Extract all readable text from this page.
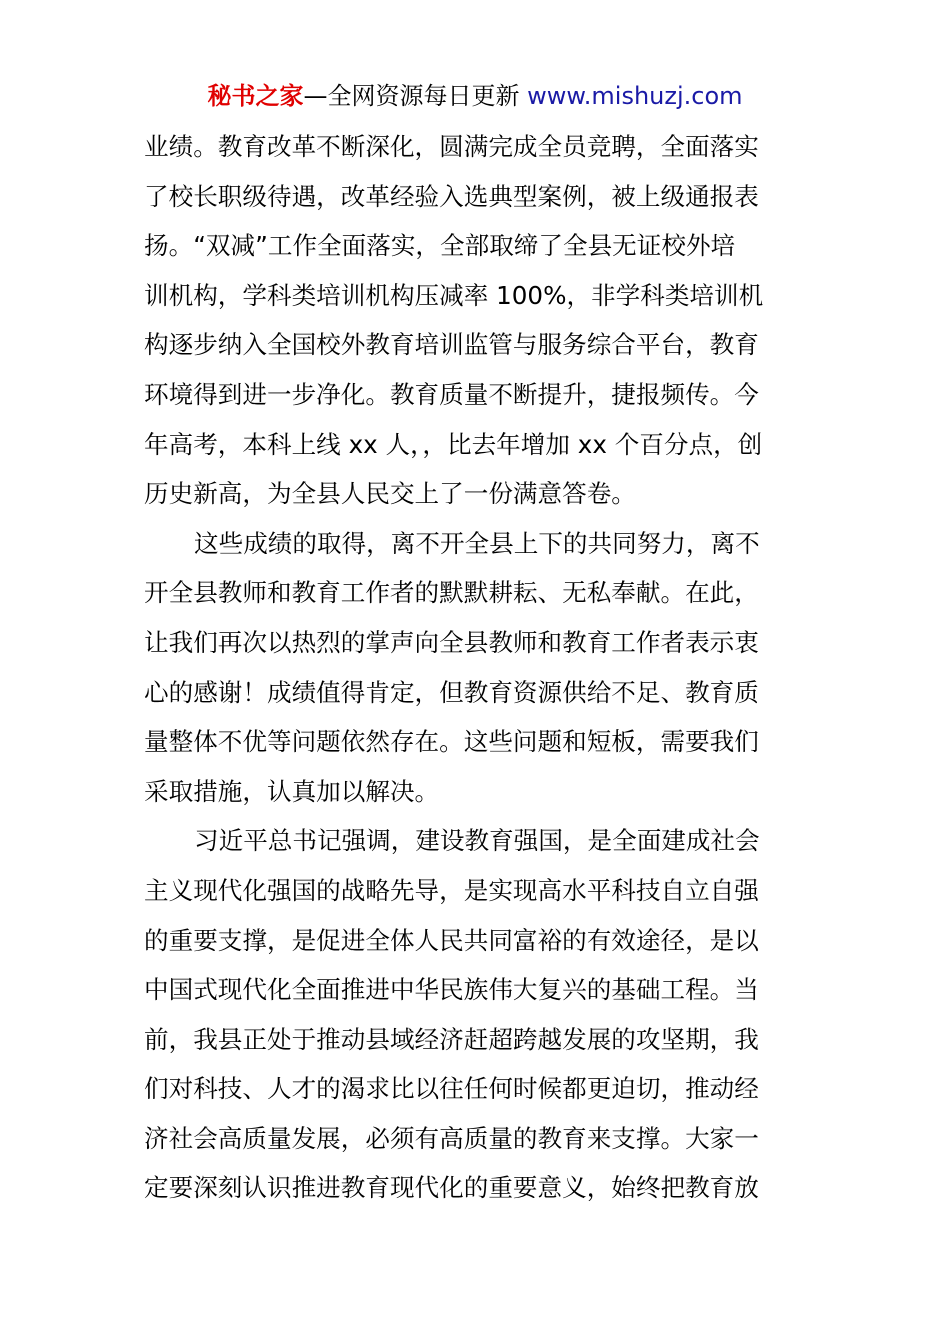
秘书之家—全网资源每日更新 www.mishuzj.com
业绩。教育改革不断深化，圆满完成全员竞聘，全面落实
了校长职级待遇，改革经验入选典型案例，被上级通报表
扬。“双减”工作全面落实，全部取缔了全县无证校外培
训机构，学科类培训机构压减率 100%，非学科类培训机
构逐步纳入全国校外教育培训监管与服务综合平台，教育
环境得到进一步净化。教育质量不断提升，捷报频传。今
年高考，本科上线 xx 人，，比去年增加 xx 个百分点，创
历史新高，为全县人民交上了一份满意答卷。
这些成绩的取得，离不开全县上下的共同努力，离不
开全县教师和教育工作者的默默耕耘、无私奉献。在此，
让我们再次以热烈的掌声向全县教师和教育工作者表示衷
心的感谢！成绩值得肯定，但教育资源供给不足、教育质
量整体不优等问题依然存在。这些问题和短板，需要我们
采取措施，认真加以解决。
习近平总书记强调，建设教育强国，是全面建成社会
主义现代化强国的战略先导，是实现高水平科技自立自强
的重要支撑，是促进全体人民共同富裕的有效途径，是以
中国式现代化全面推进中华民族伟大复兴的基础工程。当
前，我县正处于推动县域经济赶超跨越发展的攻坚期，我
们对科技、人才的渴求比以往任何时候都更迫切，推动经
济社会高质量发展，必须有高质量的教育来支撑。大家一
定要深刻认识推进教育现代化的重要意义，始终把教育放
